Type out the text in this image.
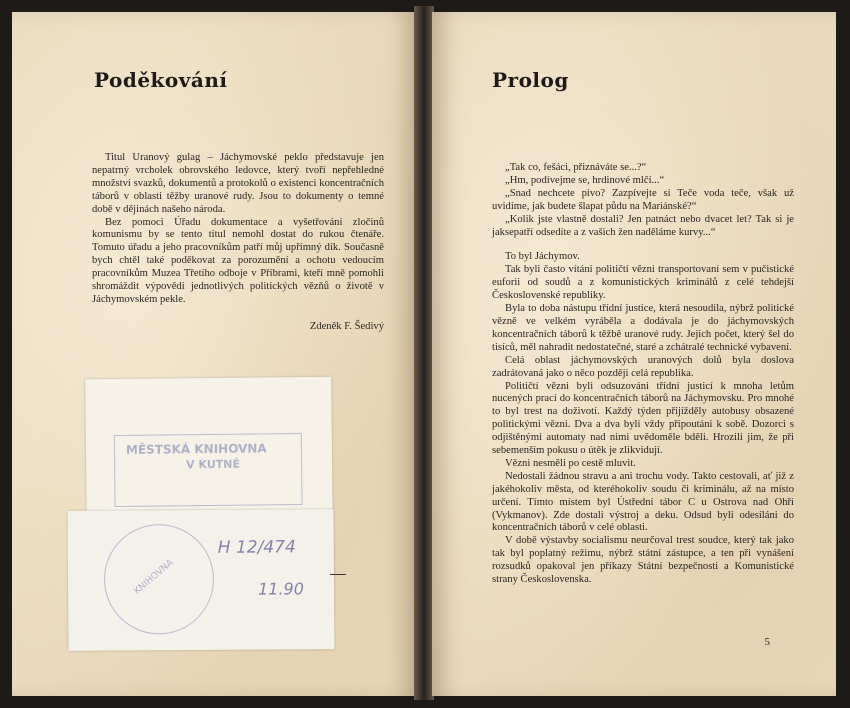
Poděkování

Titul Uranový gulag – Jáchymovské peklo představuje jen nepatrný vrcholek obrovského ledovce, který tvoří nepřehledné množství svazků, dokumentů a protokolů o existenci koncentračních táborů v oblasti těžby uranové rudy. Jsou to dokumenty o temné době v dějinách našeho národa.

Bez pomoci Úřadu dokumentace a vyšetřování zločinů komunismu by se tento titul nemohl dostat do rukou čtenáře. Tomuto úřadu a jeho pracovníkům patří můj upřímný dík. Současně bych chtěl také poděkovat za porozumění a ochotu vedoucím pracovníkům Muzea Třetího odboje v Příbrami, kteří mně pomohli shromáždit výpovědi jednotlivých politických vězňů o životě v Jáchymovském pekle.

Zdeněk F. Šedivý

MĚSTSKÁ KNIHOVNA
V KUTNÉ
KNIHOVNA
H 12/474
11.90
Prolog

„Tak co, fešáci, přiznáváte se...?“

„Hm, podívejme se, hrdinové mlčí...“

„Snad nechcete pivo? Zazpívejte si Teče voda teče, však už uvidíme, jak budete šlapat půdu na Mariánské?“

„Kolik jste vlastně dostali? Jen patnáct nebo dvacet let? Tak si je jaksepatří odsedíte a z vašich žen naděláme kurvy...“

To byl Jáchymov.

Tak byli často vítáni političtí vězni transportovaní sem v pučistické euforii od soudů a z komunistických kriminálů z celé tehdejší Československé republiky.

Byla to doba nástupu třídní justice, která nesoudila, nýbrž politické vězně ve velkém vyráběla a dodávala je do jáchymovských koncentračních táborů k těžbě uranové rudy. Jejich počet, který šel do tisíců, měl nahradit nedostatečné, staré a zchátralé technické vybavení.

Celá oblast jáchymovských uranových dolů byla doslova zadrátovaná jako o něco později celá republika.

Političtí vězni byli odsuzováni třídní justicí k mnoha letům nucených prací do koncentračních táborů na Jáchymovsku. Pro mnohé to byl trest na doživotí. Každý týden přijížděly autobusy obsazené politickými vězni. Dva a dva byli vždy připoutáni k sobě. Dozorci s odjištěnými automaty nad nimi uvědoměle bděli. Hrozili jim, že při sebemenším pokusu o útěk je zlikvidují.

Vězni nesměli po cestě mluvit.

Nedostali žádnou stravu a ani trochu vody. Takto cestovali, ať již z jakéhokoliv města, od kteréhokoliv soudu či kriminálu, až na místo určení. Tímto místem byl Ústřední tábor C u Ostrova nad Ohří (Vykmanov). Zde dostali výstroj a deku. Odsud byli odesíláni do koncentračních táborů v celé oblasti.

V době výstavby socialismu neurčoval trest soudce, který tak jako tak byl poplatný režimu, nýbrž státní zástupce, a ten při vynášení rozsudků opakoval jen příkazy Státní bezpečnosti a Komunistické strany Československa.

5
